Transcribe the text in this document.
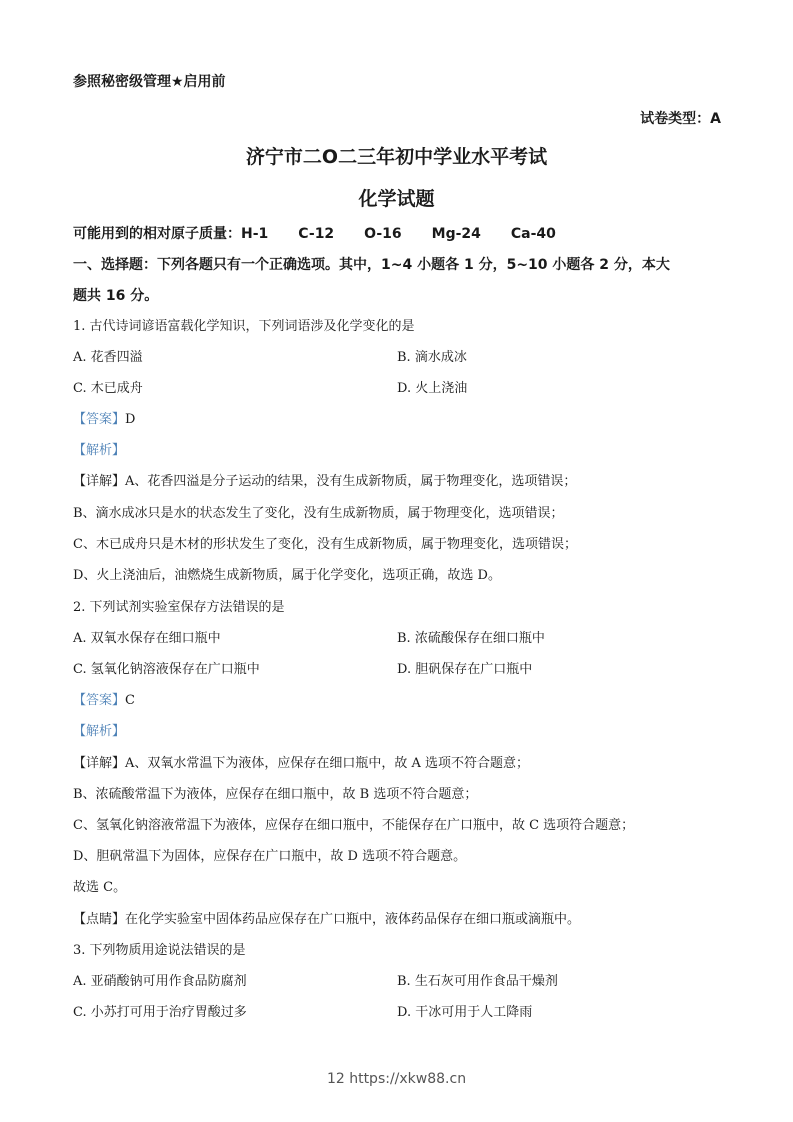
参照秘密级管理★启用前
试卷类型：A
济宁市二O二三年初中学业水平考试
化学试题
可能用到的相对原子质量：H-1 C-12 O-16 Mg-24 Ca-40
一、选择题：下列各题只有一个正确选项。其中，1~4 小题各 1 分，5~10 小题各 2 分，本大
题共 16 分。
1. 古代诗词谚语富载化学知识，下列词语涉及化学变化的是
A. 花香四溢	B. 滴水成冰
C. 木已成舟	D. 火上浇油
【答案】D
【解析】
【详解】A、花香四溢是分子运动的结果，没有生成新物质，属于物理变化，选项错误；
B、滴水成冰只是水的状态发生了变化，没有生成新物质，属于物理变化，选项错误；
C、木已成舟只是木材的形状发生了变化，没有生成新物质，属于物理变化，选项错误；
D、火上浇油后，油燃烧生成新物质，属于化学变化，选项正确，故选 D。
2. 下列试剂实验室保存方法错误的是
A. 双氧水保存在细口瓶中	B. 浓硫酸保存在细口瓶中
C. 氢氧化钠溶液保存在广口瓶中	D. 胆矾保存在广口瓶中
【答案】C
【解析】
【详解】A、双氧水常温下为液体，应保存在细口瓶中，故 A 选项不符合题意；
B、浓硫酸常温下为液体，应保存在细口瓶中，故 B 选项不符合题意；
C、氢氧化钠溶液常温下为液体，应保存在细口瓶中，不能保存在广口瓶中，故 C 选项符合题意；
D、胆矾常温下为固体，应保存在广口瓶中，故 D 选项不符合题意。
故选 C。
【点睛】在化学实验室中固体药品应保存在广口瓶中，液体药品保存在细口瓶或滴瓶中。
3. 下列物质用途说法错误的是
A. 亚硝酸钠可用作食品防腐剂	B. 生石灰可用作食品干燥剂
C. 小苏打可用于治疗胃酸过多	D. 干冰可用于人工降雨
12 https://xkw88.cn
